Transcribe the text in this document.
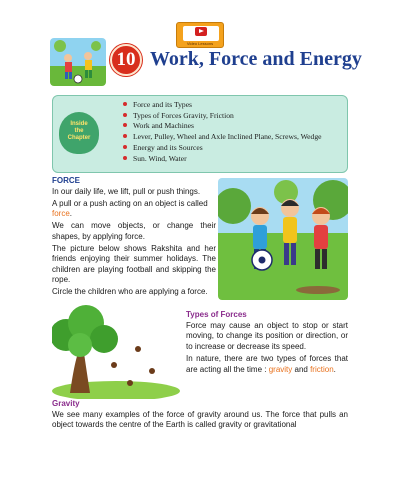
Video Lessons
10 Work, Force and Energy
Inside
the
Chapter
Force and its Types
Types of Forces Gravity, Friction
Work and Machines
Lever, Pulley, Wheel and Axle Inclined Plane, Screws, Wedge
Energy and its Sources
Sun. Wind, Water
FORCE

In our daily life, we lift, pull or push things.

A pull or a push acting on an object is called force.

We can move objects, or change their shapes, by applying force.

The picture below shows Rakshita and her friends enjoying their summer holidays. The children are playing football and skipping the rope.

Circle the children who are applying a force.

Types of Forces

Force may cause an object to stop or start moving, to change its position or direction, or to increase or decrease its speed.

In nature, there are two types of forces that are acting all the time : gravity and friction.

Gravity
We see many examples of the force of gravity around us. The force that pulls an object towards the centre of the Earth is called gravity or gravitational
